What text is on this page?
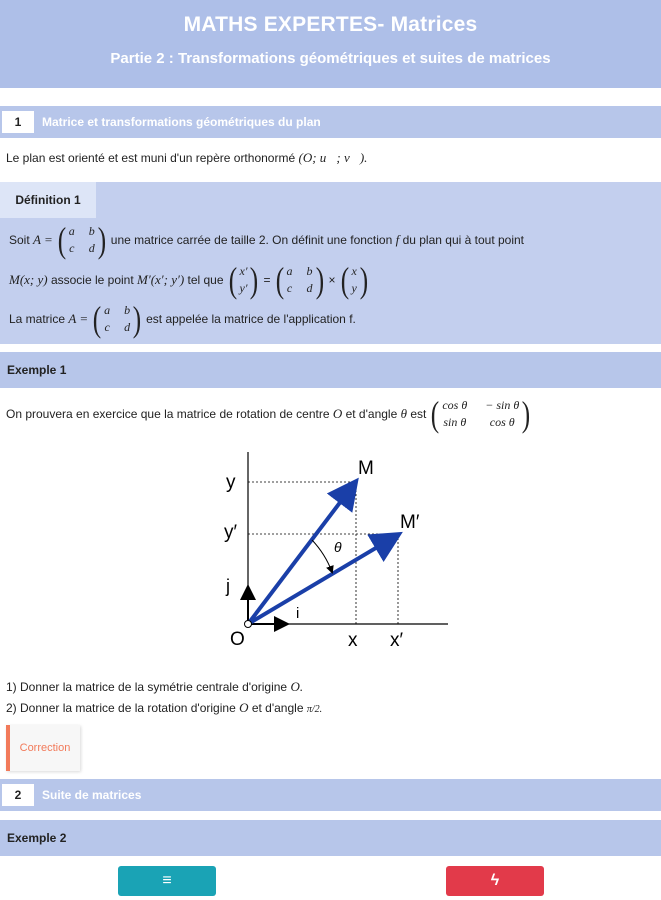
MATHS EXPERTES- Matrices
Partie 2 : Transformations géométriques et suites de matrices
1	Matrice et transformations géométriques du plan
Le plan est orienté et est muni d'un repère orthonormé (O; u⃗; v⃗).
Définition 1
Soit
A = ( a b
c d ) une matrice carrée de taille 2. On définit une fonction
f
du plan qui à tout point
M(x; y)
associe le point
M′(x′; y′)
tel que ( x′
y′ ) = ( a b
c d ) × ( x
y )
La matrice
A = ( a b
c d ) est appelée la matrice de l'application f.
Exemple 1
On prouvera en exercice que la matrice de rotation de centre
O
et d'angle
θ
est ( cos θ − sin θ
sin θ	cos θ )
y
y′
j
O
i
x x′
M
M′
θ
1) Donner la matrice de la symétrie centrale d'origine O.
2) Donner la matrice de la rotation d'origine O et d'angle π/2.
Correction
2	Suite de matrices
Exemple 2
≡	ϟ
